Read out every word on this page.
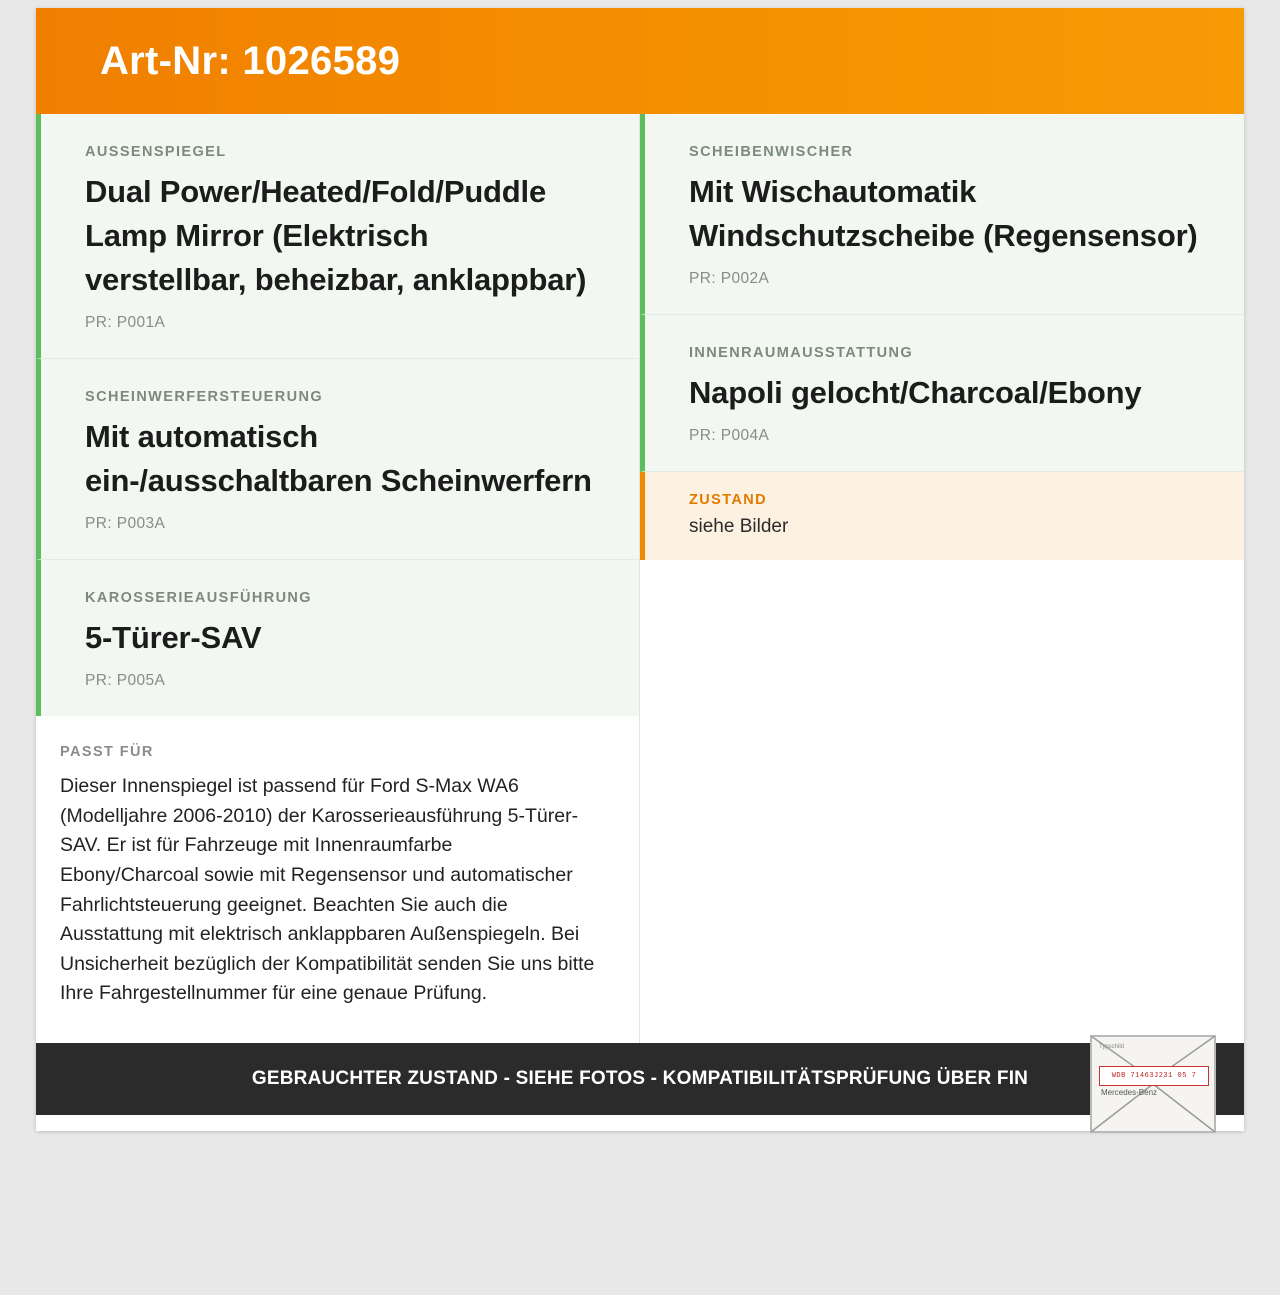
Art-Nr: 1026589
AUSSENSPIEGEL
Dual Power/Heated/Fold/Puddle Lamp Mirror (Elektrisch verstellbar, beheizbar, anklappbar)
PR: P001A
SCHEINWERFERSTEUERUNG
Mit automatisch ein-/ausschaltbaren Scheinwerfern
PR: P003A
KAROSSERIEAUSFÜHRUNG
5-Türer-SAV
PR: P005A
SCHEIBENWISCHER
Mit Wischautomatik Windschutzscheibe (Regensensor)
PR: P002A
INNENRAUMAUSSTATTUNG
Napoli gelocht/Charcoal/Ebony
PR: P004A
ZUSTAND
siehe Bilder
PASST FÜR
Dieser Innenspiegel ist passend für Ford S-Max WA6 (Modelljahre 2006-2010) der Karosserieausführung 5-Türer-SAV. Er ist für Fahrzeuge mit Innenraumfarbe Ebony/Charcoal sowie mit Regensensor und automatischer Fahrlichtsteuerung geeignet. Beachten Sie auch die Ausstattung mit elektrisch anklappbaren Außenspiegeln. Bei Unsicherheit bezüglich der Kompatibilität senden Sie uns bitte Ihre Fahrgestellnummer für eine genaue Prüfung.
GEBRAUCHTER ZUSTAND - SIEHE FOTOS - KOMPATIBILITÄTSPRÜFUNG ÜBER FIN
Typschild
WDB 71463J231 05 7
Mercedes-Benz
